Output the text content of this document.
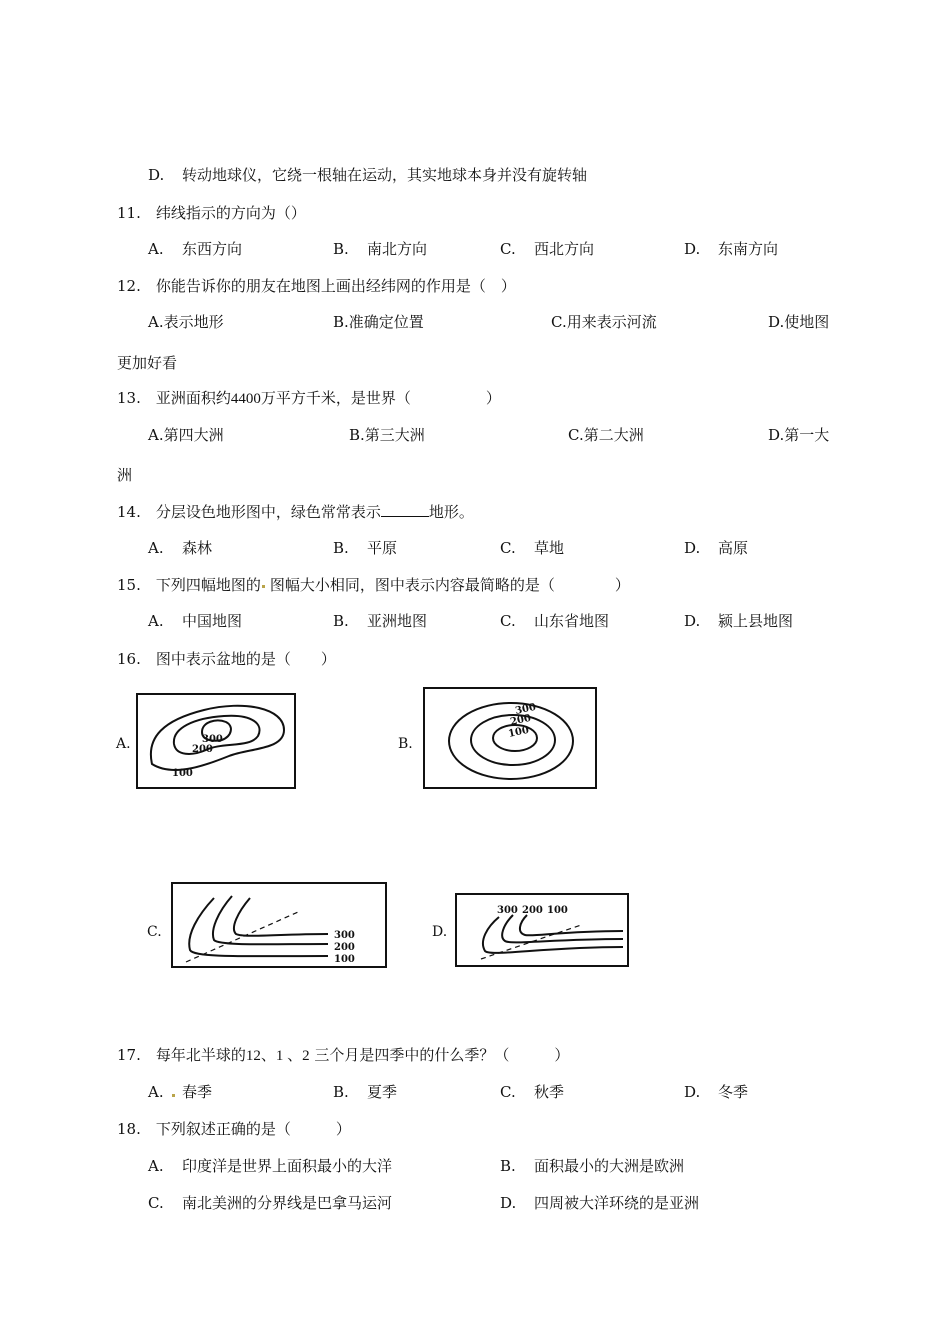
D. 转动地球仪，它绕一根轴在运动，其实地球本身并没有旋转轴
11.　纬线指示的方向为（）
A. 东西方向	B. 南北方向	C. 西北方向	D. 东南方向
12.　你能告诉你的朋友在地图上画出经纬网的作用是（　）
A.表示地形	B.准确定位置	C.用来表示河流	D.使地图
更加好看
13.　亚洲面积约4400万平方千米，是世界（　　　　　）
A.第四大洲	B.第三大洲	C.第二大洲	D.第一大
洲
14.　分层设色地形图中，绿色常常表示	地形。
A. 森林	B. 平原	C. 草地	D. 高原
15.　下列四幅地图的 图幅大小相同，图中表示内容最简略的是（　　　　）
A. 中国地图	B. 亚洲地图	C. 山东省地图	D. 颍上县地图
16.　图中表示盆地的是（　　）
A.	300
200
100
B.
300
200
100
C.	300
200
100
D.
300 200 100
17.　每年北半球的12、1 、2 三个月是四季中的什么季？（　　　）
A. 春季	B. 夏季	C. 秋季	D. 冬季
18.　下列叙述正确的是（　　　）
A. 印度洋是世界上面积最小的大洋	B. 面积最小的大洲是欧洲
C. 南北美洲的分界线是巴拿马运河	D. 四周被大洋环绕的是亚洲
